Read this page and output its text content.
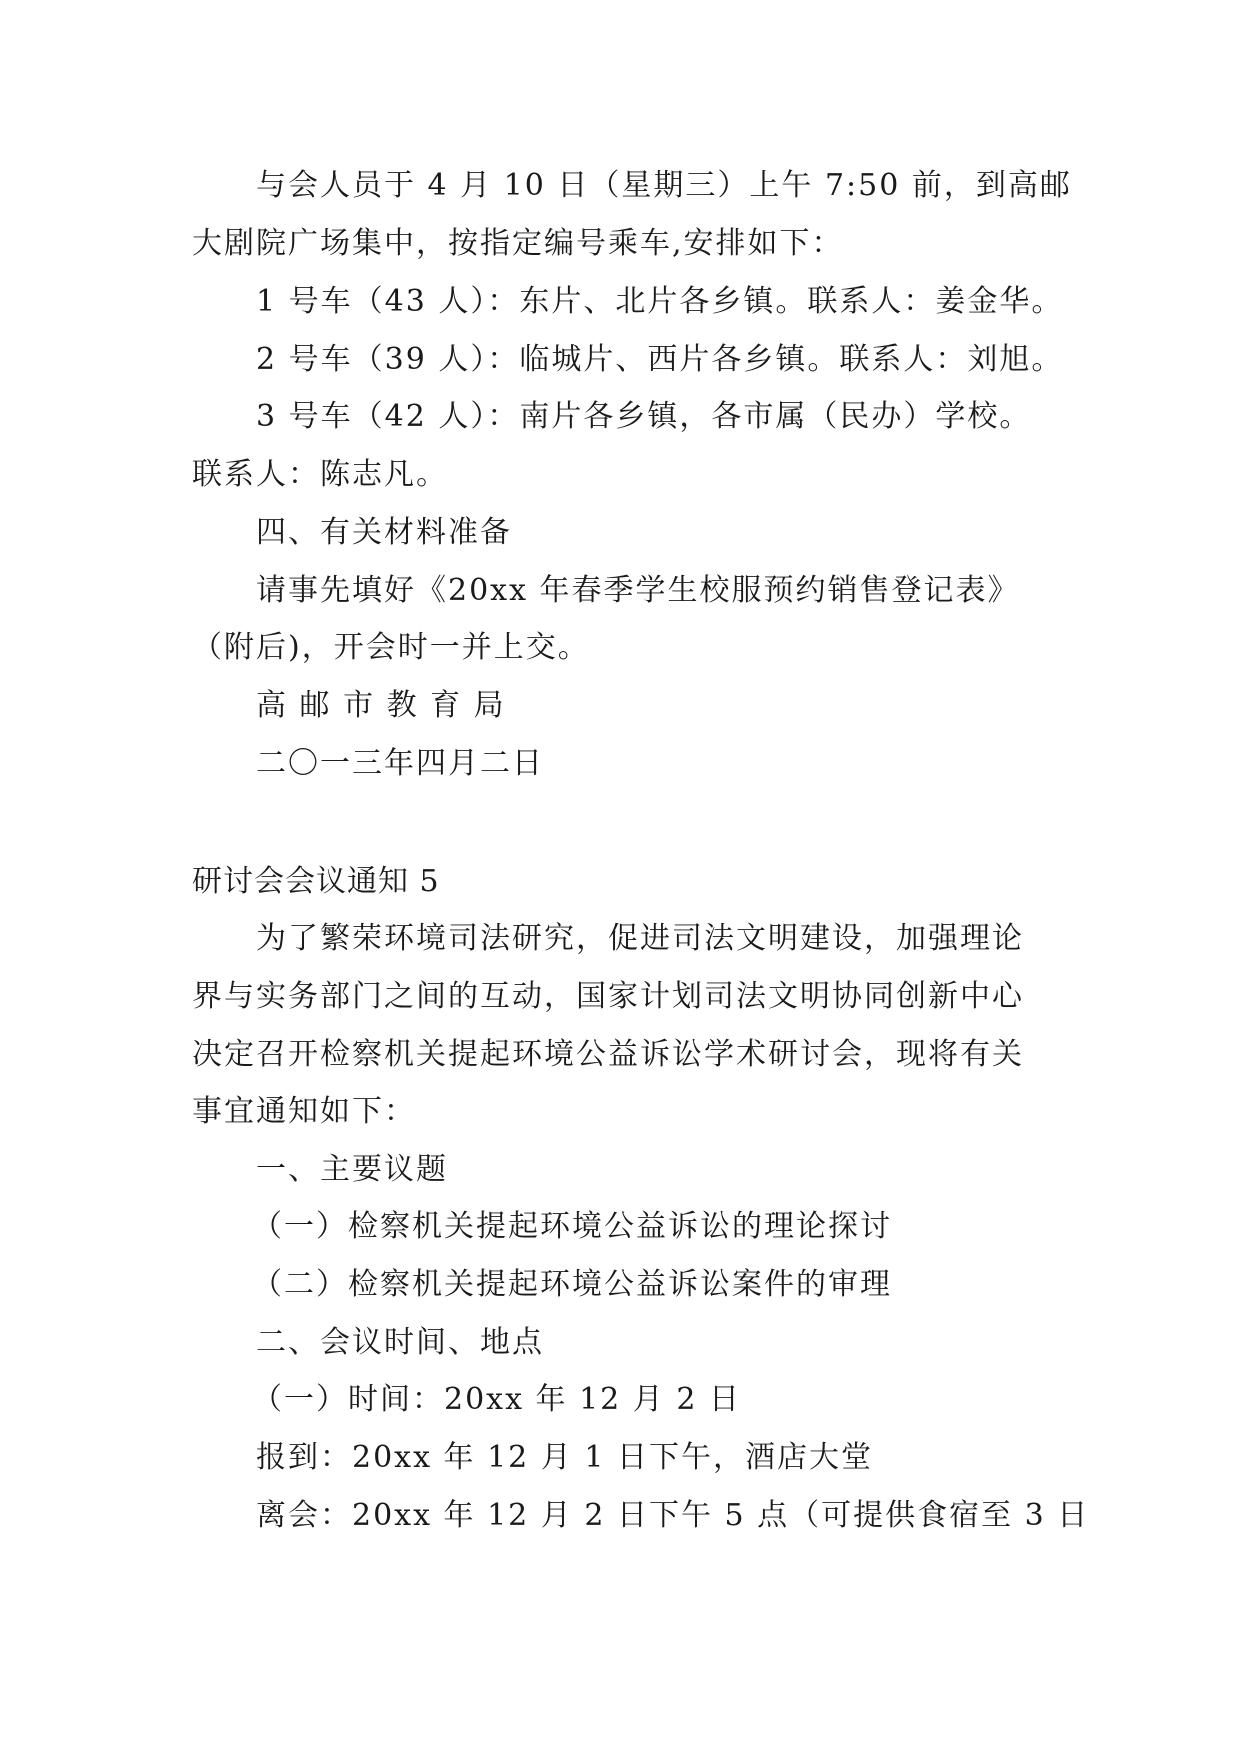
与会人员于 4 月 10 日（星期三）上午 7:50 前，到高邮
大剧院广场集中，按指定编号乘车,安排如下：
1 号车（43 人）：东片、北片各乡镇。联系人：姜金华。
2 号车（39 人）：临城片、西片各乡镇。联系人：刘旭。
3 号车（42 人）：南片各乡镇，各市属（民办）学校。
联系人：陈志凡。
四、有关材料准备
请事先填好《20xx 年春季学生校服预约销售登记表》
（附后)，开会时一并上交。
高 邮 市 教 育 局
二〇一三年四月二日
研讨会会议通知 5
为了繁荣环境司法研究，促进司法文明建设，加强理论
界与实务部门之间的互动，国家计划司法文明协同创新中心
决定召开检察机关提起环境公益诉讼学术研讨会，现将有关
事宜通知如下：
一、主要议题
（一）检察机关提起环境公益诉讼的理论探讨
（二）检察机关提起环境公益诉讼案件的审理
二、会议时间、地点
（一）时间：20xx 年 12 月 2 日
报到：20xx 年 12 月 1 日下午，酒店大堂
离会：20xx 年 12 月 2 日下午 5 点（可提供食宿至 3 日
